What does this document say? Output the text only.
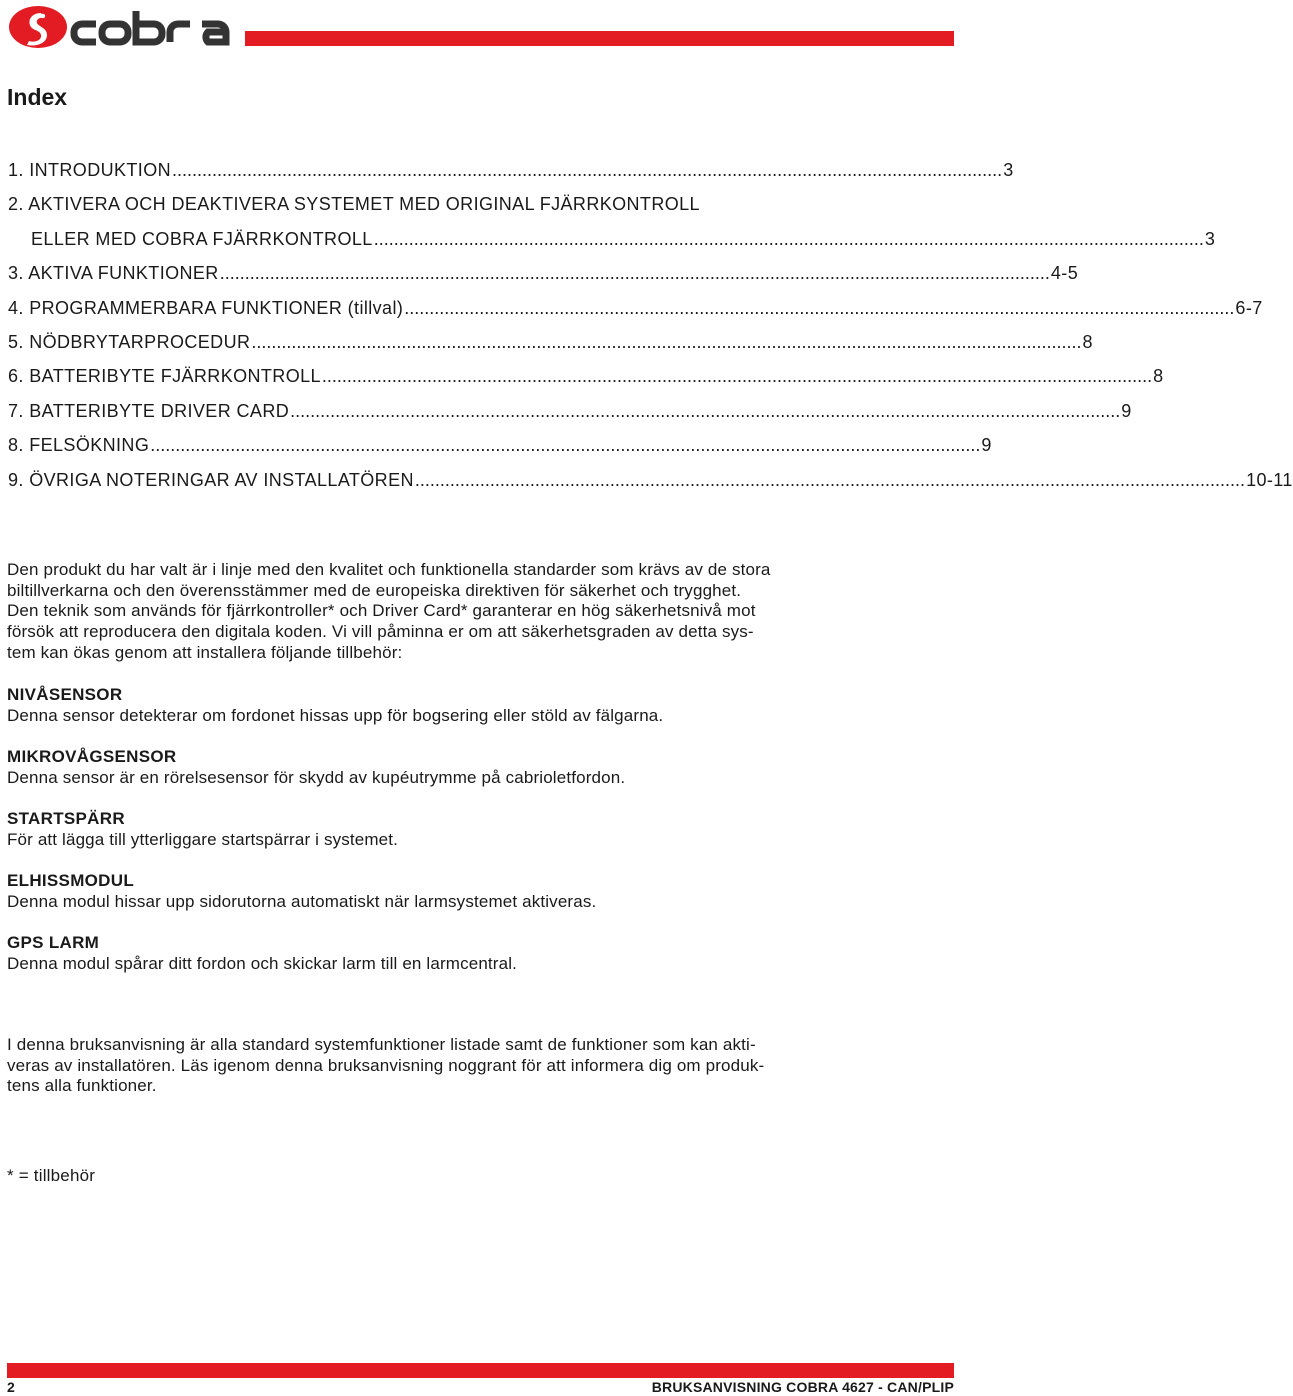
Index
1. INTRODUKTION ...................................................................................................................................................................... 3
2. AKTIVERA OCH DEAKTIVERA SYSTEMET MED ORIGINAL FJÄRRKONTROLL
ELLER MED COBRA FJÄRRKONTROLL ...................................................................................................................................................................... 3
3. AKTIVA FUNKTIONER ...................................................................................................................................................................... 4-5
4. PROGRAMMERBARA FUNKTIONER (tillval) ...................................................................................................................................................................... 6-7
5. NÖDBRYTARPROCEDUR ...................................................................................................................................................................... 8
6. BATTERIBYTE FJÄRRKONTROLL ...................................................................................................................................................................... 8
7. BATTERIBYTE DRIVER CARD ...................................................................................................................................................................... 9
8. FELSÖKNING ...................................................................................................................................................................... 9
9. ÖVRIGA NOTERINGAR AV INSTALLATÖREN ...................................................................................................................................................................... 10-11

Den produkt du har valt är i linje med den kvalitet och funktionella standarder som krävs av de stora
biltillverkarna och den överensstämmer med de europeiska direktiven för säkerhet och trygghet.
Den teknik som används för fjärrkontroller* och Driver Card* garanterar en hög säkerhetsnivå mot
försök att reproducera den digitala koden. Vi vill påminna er om att säkerhetsgraden av detta sys-
tem kan ökas genom att installera följande tillbehör:

NIVÅSENSOR
Denna sensor detekterar om fordonet hissas upp för bogsering eller stöld av fälgarna.
MIKROVÅGSENSOR
Denna sensor är en rörelsesensor för skydd av kupéutrymme på cabrioletfordon.
STARTSPÄRR
För att lägga till ytterliggare startspärrar i systemet.
ELHISSMODUL
Denna modul hissar upp sidorutorna automatiskt när larmsystemet aktiveras.
GPS LARM
Denna modul spårar ditt fordon och skickar larm till en larmcentral.

I denna bruksanvisning är alla standard systemfunktioner listade samt de funktioner som kan akti-
veras av installatören. Läs igenom denna bruksanvisning noggrant för att informera dig om produk-
tens alla funktioner.

* = tillbehör
2	BRUKSANVISNING COBRA 4627 - CAN/PLIP
